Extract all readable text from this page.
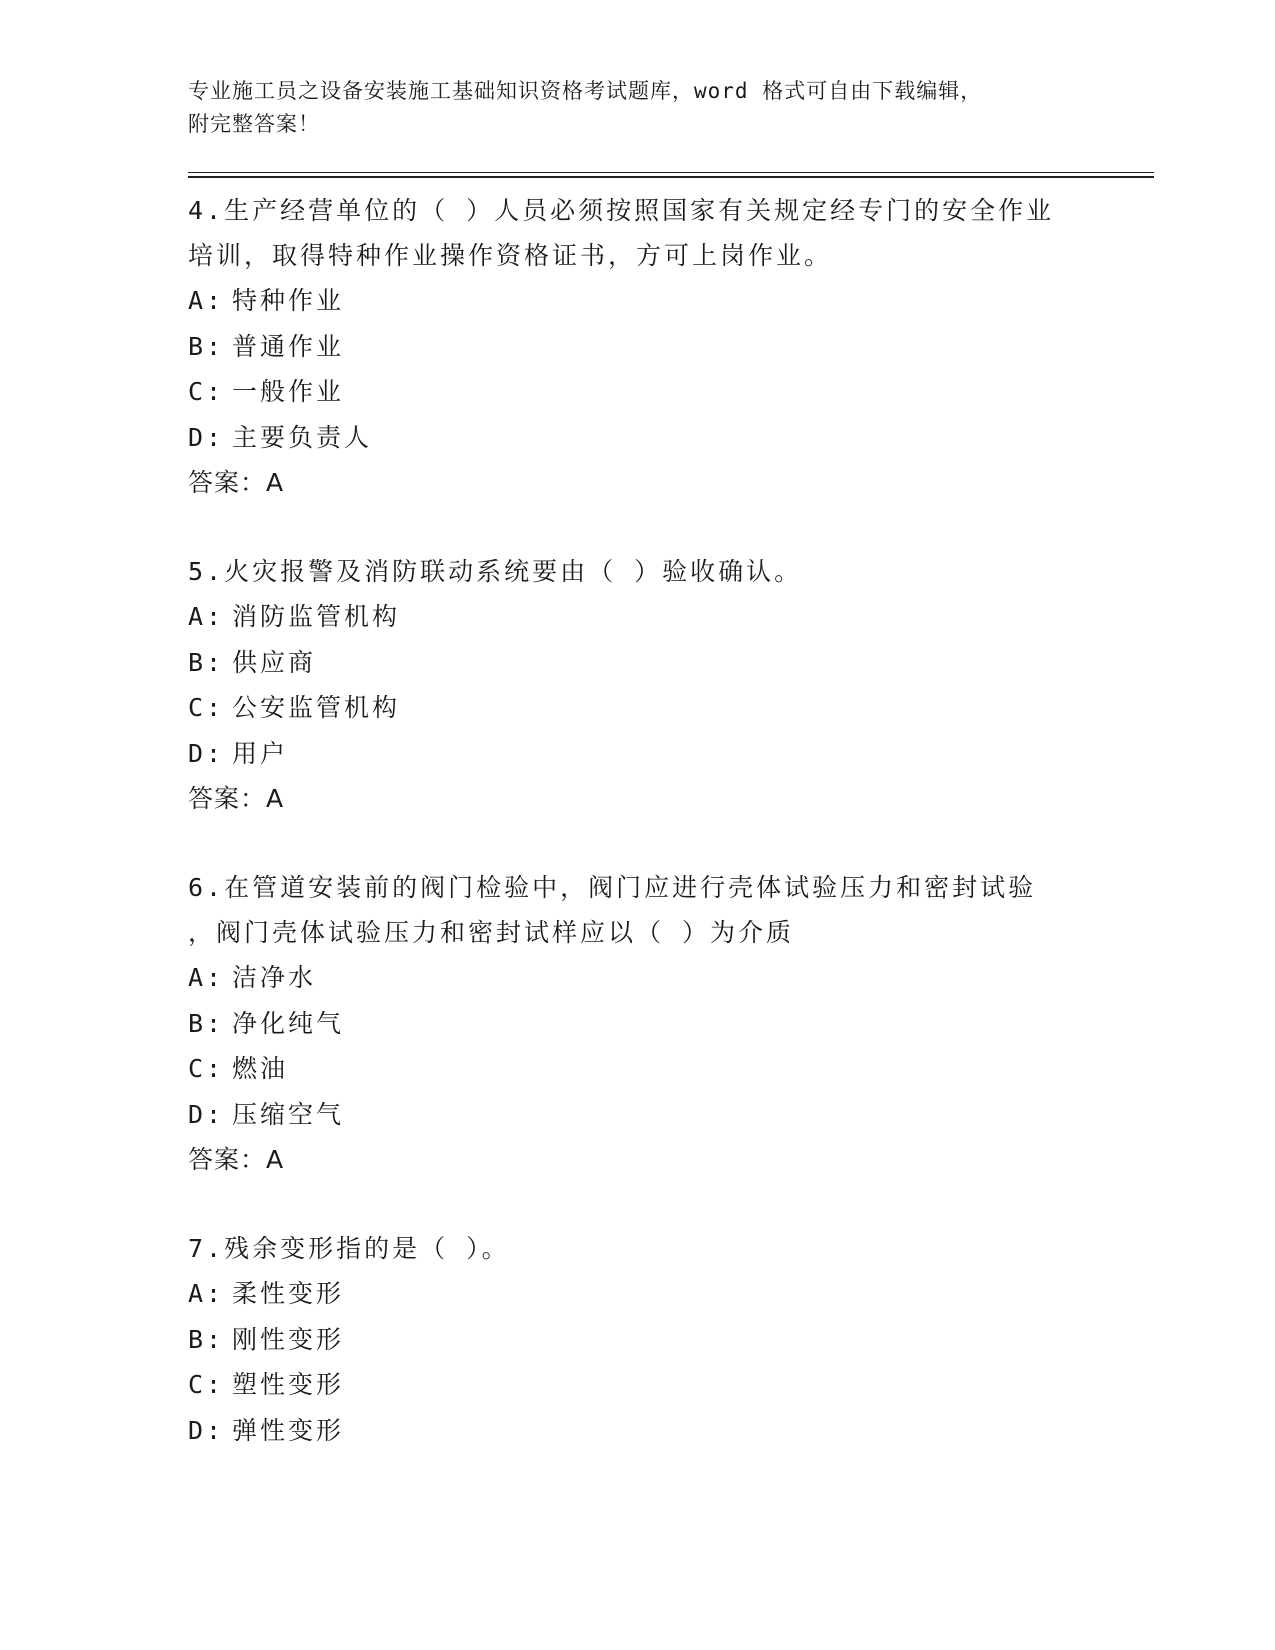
专业施工员之设备安装施工基础知识资格考试题库，word 格式可自由下载编辑，
附完整答案！

4.生产经营单位的（ ）人员必须按照国家有关规定经专门的安全作业

培训，取得特种作业操作资格证书，方可上岗作业。

A: 特种作业

B: 普通作业

C: 一般作业

D: 主要负责人

答案：A

5.火灾报警及消防联动系统要由（ ）验收确认。

A: 消防监管机构

B: 供应商

C: 公安监管机构

D: 用户

答案：A

6.在管道安装前的阀门检验中，阀门应进行壳体试验压力和密封试验

，阀门壳体试验压力和密封试样应以（ ）为介质

A: 洁净水

B: 净化纯气

C: 燃油

D: 压缩空气

答案：A

7.残余变形指的是（ ）。

A: 柔性变形

B: 刚性变形

C: 塑性变形

D: 弹性变形
